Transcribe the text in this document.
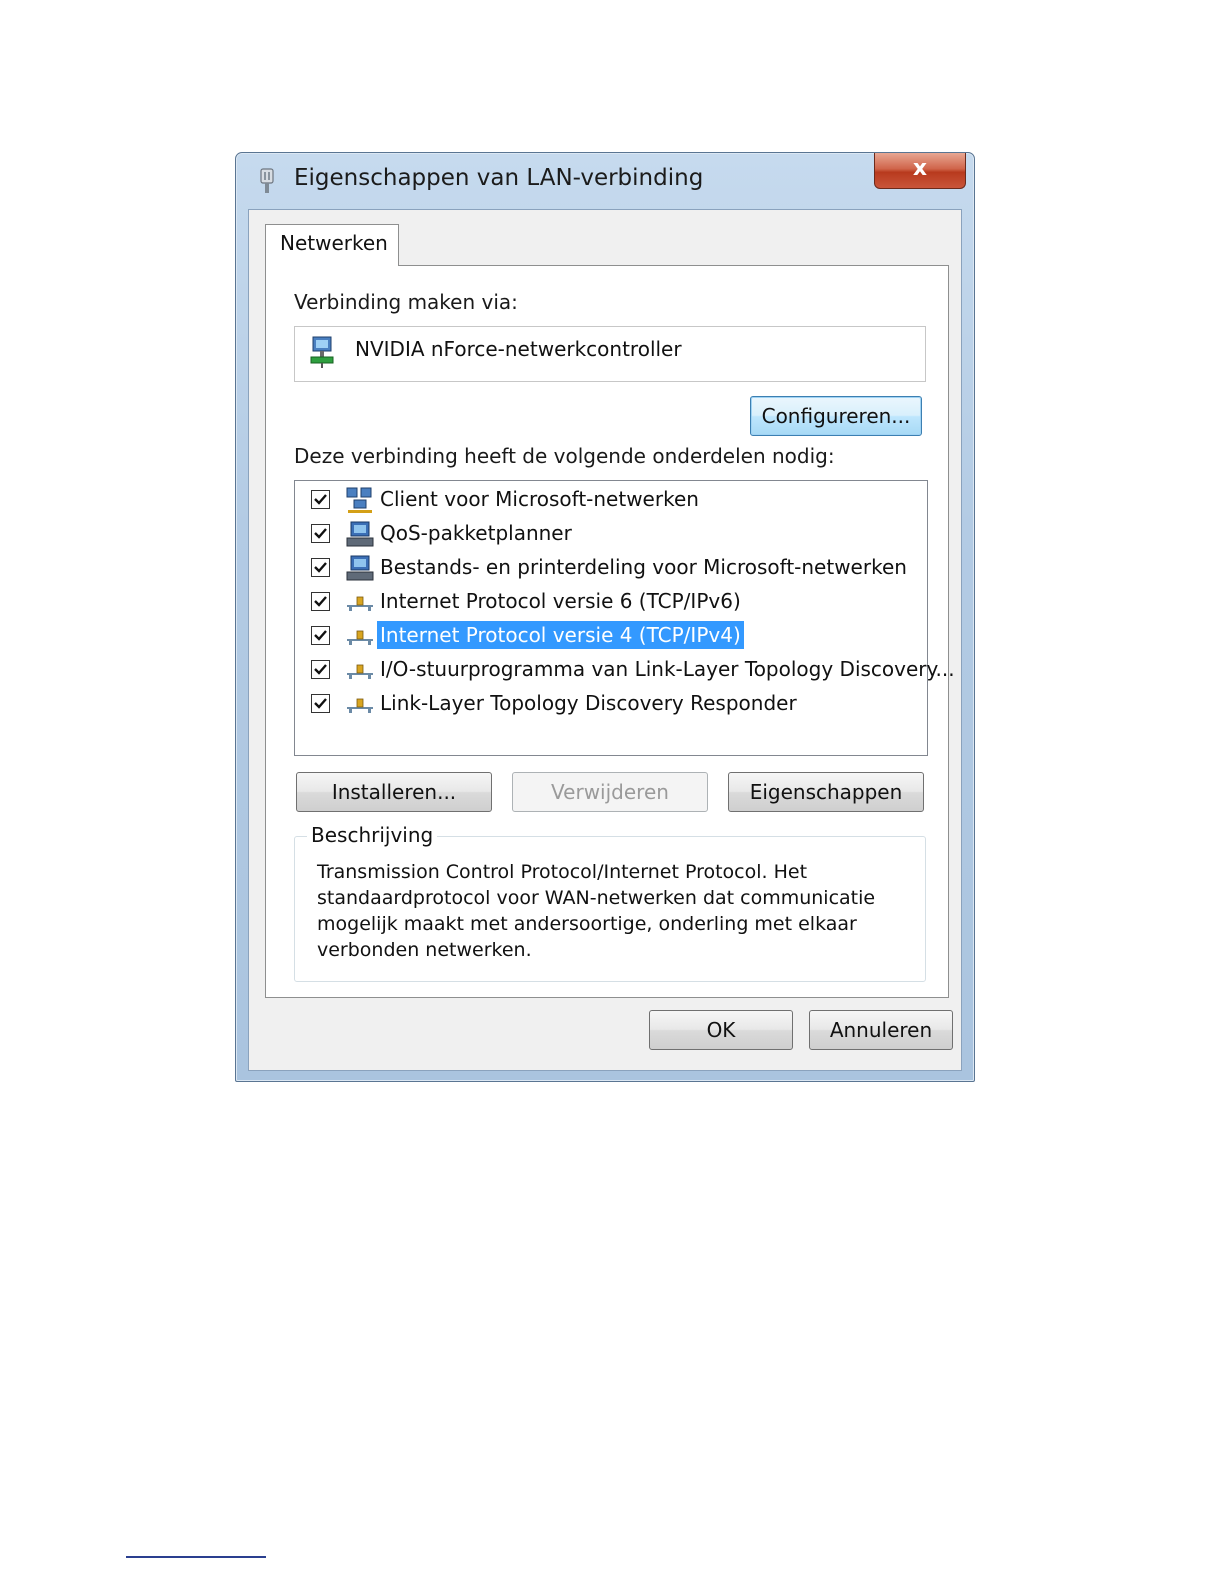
Eigenschappen van LAN-verbinding	x
Netwerken
Verbinding maken via:
NVIDIA nForce-netwerkcontroller
Configureren...
Deze verbinding heeft de volgende onderdelen nodig:
Client voor Microsoft-netwerken
QoS-pakketplanner
Bestands- en printerdeling voor Microsoft-netwerken
Internet Protocol versie 6 (TCP/IPv6)
Internet Protocol versie 4 (TCP/IPv4)
I/O-stuurprogramma van Link-Layer Topology Discovery...
Link-Layer Topology Discovery Responder
Installeren...	Verwijderen	Eigenschappen
Beschrijving
Transmission Control Protocol/Internet Protocol. Het standaardprotocol voor WAN-netwerken dat communicatie mogelijk maakt met andersoortige, onderling met elkaar verbonden netwerken.
OK	Annuleren
